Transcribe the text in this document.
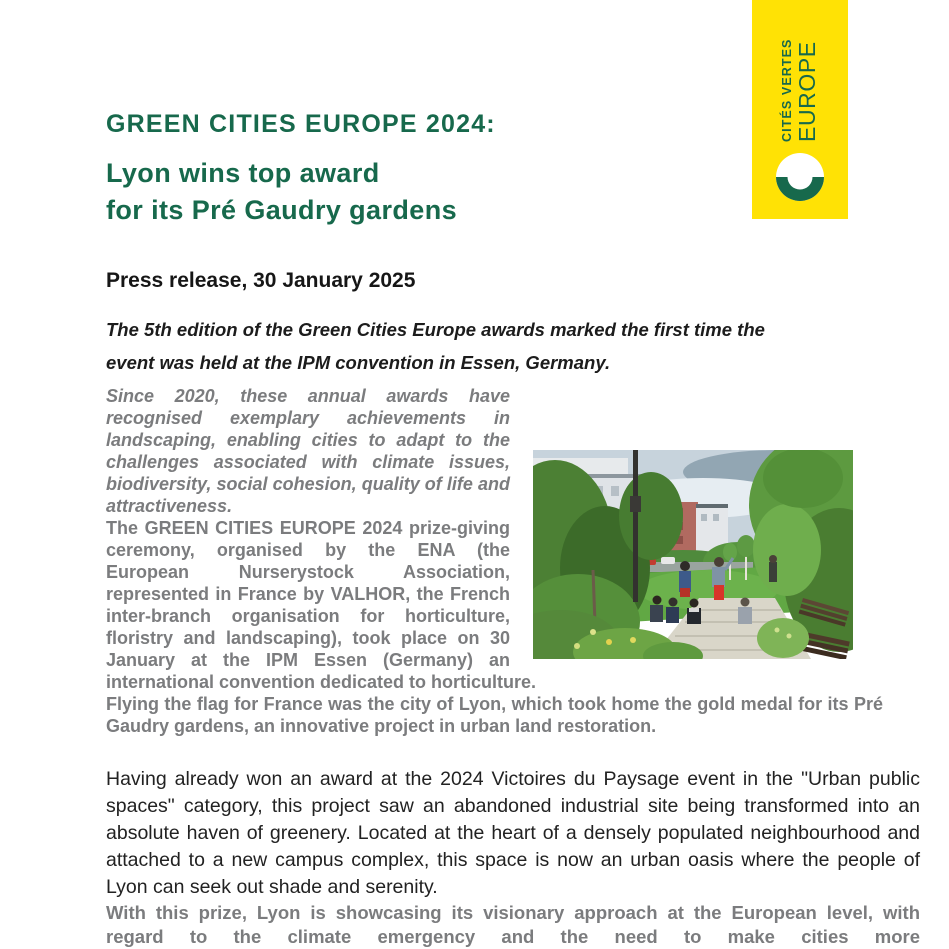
CITÉS VERTES EUROPE
GREEN CITIES EUROPE 2024:
Lyon wins top award
for its Pré Gaudry gardens
Press release, 30 January 2025
The 5th edition of the Green Cities Europe awards marked the first time the
event was held at the IPM convention in Essen, Germany.

Since 2020, these annual awards have recognised exemplary achievements in landscaping, enabling cities to adapt to the challenges associated with climate issues, biodiversity, social cohesion, quality of life and attractiveness.

The GREEN CITIES EUROPE 2024 prize-giving ceremony, organised by the ENA (the European Nurserystock Association, represented in France by VALHOR, the French inter-branch organisation for horticulture, floristry and landscaping), took place on 30 January at the IPM Essen (Germany) an international convention dedicated to horticulture.

Flying the flag for France was the city of Lyon, which took home the gold medal for its Pré Gaudry gardens, an innovative project in urban land restoration.

Having already won an award at the 2024 Victoires du Paysage event in the "Urban public spaces" category, this project saw an abandoned industrial site being transformed into an absolute haven of greenery. Located at the heart of a densely populated neighbourhood and attached to a new campus complex, this space is now an urban oasis where the people of Lyon can seek out shade and serenity.

With this prize, Lyon is showcasing its visionary approach at the European level, with regard to the climate emergency and the need to make cities more
